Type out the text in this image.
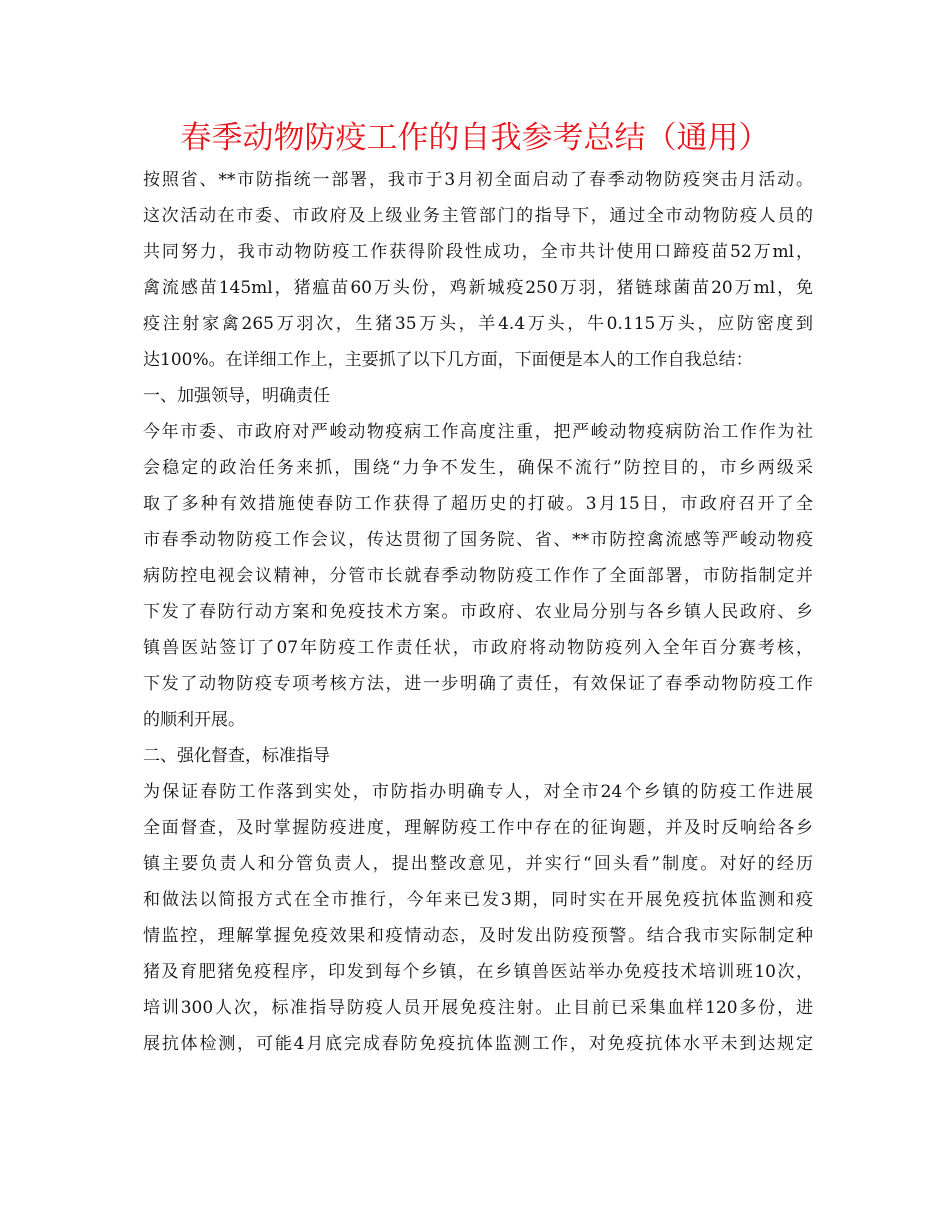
春季动物防疫工作的自我参考总结（通用）
按照省、**市防指统一部署，我市于3月初全面启动了春季动物防疫突击月活动。
这次活动在市委、市政府及上级业务主管部门的指导下，通过全市动物防疫人员的
共同努力，我市动物防疫工作获得阶段性成功，全市共计使用口蹄疫苗52万ml，
禽流感苗145ml，猪瘟苗60万头份，鸡新城疫250万羽，猪链球菌苗20万ml，免
疫注射家禽265万羽次，生猪35万头，羊4.4万头，牛0.115万头，应防密度到
达100%。在详细工作上，主要抓了以下几方面，下面便是本人的工作自我总结：
一、加强领导，明确责任
今年市委、市政府对严峻动物疫病工作高度注重，把严峻动物疫病防治工作作为社
会稳定的政治任务来抓，围绕“力争不发生，确保不流行”防控目的，市乡两级采
取了多种有效措施使春防工作获得了超历史的打破。3月15日，市政府召开了全
市春季动物防疫工作会议，传达贯彻了国务院、省、**市防控禽流感等严峻动物疫
病防控电视会议精神，分管市长就春季动物防疫工作作了全面部署，市防指制定并
下发了春防行动方案和免疫技术方案。市政府、农业局分别与各乡镇人民政府、乡
镇兽医站签订了07年防疫工作责任状，市政府将动物防疫列入全年百分赛考核，
下发了动物防疫专项考核方法，进一步明确了责任，有效保证了春季动物防疫工作
的顺利开展。
二、强化督查，标准指导
为保证春防工作落到实处，市防指办明确专人，对全市24个乡镇的防疫工作进展
全面督查，及时掌握防疫进度，理解防疫工作中存在的征询题，并及时反响给各乡
镇主要负责人和分管负责人，提出整改意见，并实行“回头看”制度。对好的经历
和做法以简报方式在全市推行，今年来已发3期，同时实在开展免疫抗体监测和疫
情监控，理解掌握免疫效果和疫情动态，及时发出防疫预警。结合我市实际制定种
猪及育肥猪免疫程序，印发到每个乡镇，在乡镇兽医站举办免疫技术培训班10次，
培训300人次，标准指导防疫人员开展免疫注射。止目前已采集血样120多份，进
展抗体检测，可能4月底完成春防免疫抗体监测工作，对免疫抗体水平未到达规定
